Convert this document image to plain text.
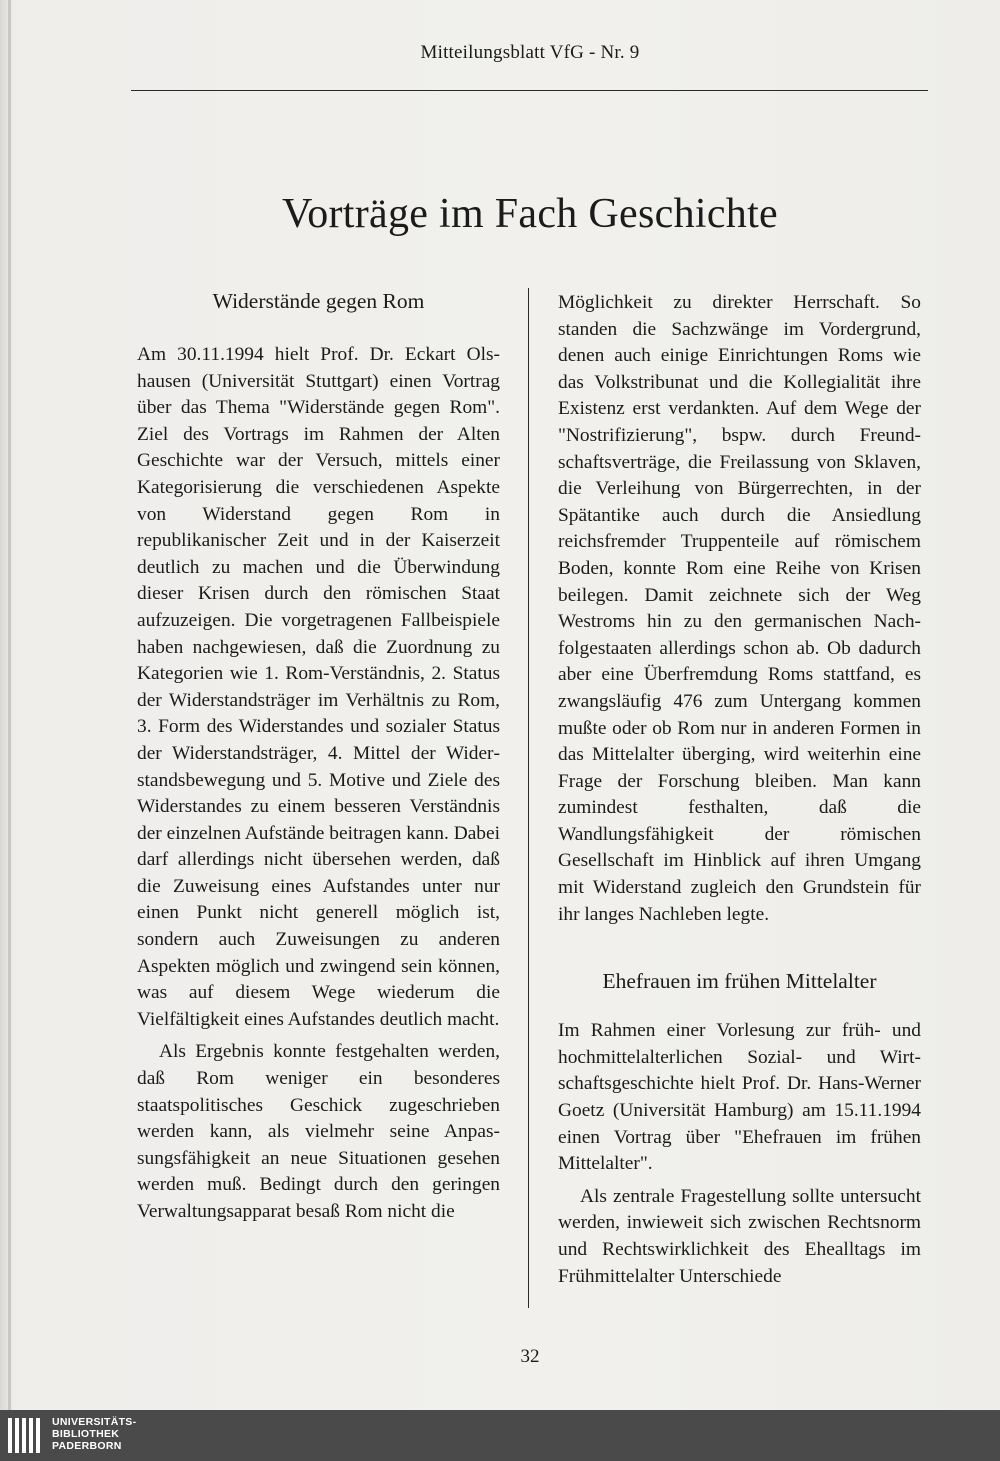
Mitteilungsblatt VfG - Nr. 9
Vorträge im Fach Geschichte
Widerstände gegen Rom

Am 30.11.1994 hielt Prof. Dr. Eckart Olshausen (Universität Stuttgart) einen Vortrag über das Thema "Widerstände gegen Rom". Ziel des Vortrags im Rahmen der Alten Geschichte war der Versuch, mittels einer Kategorisierung die verschiedenen Aspekte von Widerstand gegen Rom in republikanischer Zeit und in der Kaiserzeit deutlich zu machen und die Überwindung dieser Krisen durch den römischen Staat aufzuzeigen. Die vorgetragenen Fallbeispiele haben nachgewiesen, daß die Zuordnung zu Kategorien wie 1. Rom-Verständnis, 2. Status der Widerstandsträger im Verhältnis zu Rom, 3. Form des Widerstandes und sozialer Status der Widerstandsträger, 4. Mittel der Widerstandsbewegung und 5. Motive und Ziele des Widerstandes zu einem besseren Verständnis der einzelnen Aufstände beitragen kann. Dabei darf allerdings nicht übersehen werden, daß die Zuweisung eines Aufstandes unter nur einen Punkt nicht generell möglich ist, sondern auch Zuweisungen zu anderen Aspekten möglich und zwingend sein können, was auf diesem Wege wiederum die Vielfältigkeit eines Aufstandes deutlich macht.

Als Ergebnis konnte festgehalten werden, daß Rom weniger ein besonderes staatspolitisches Geschick zugeschrieben werden kann, als vielmehr seine Anpassungsfähigkeit an neue Situationen gesehen werden muß. Bedingt durch den geringen Verwaltungsapparat besaß Rom nicht die

Möglichkeit zu direkter Herrschaft. So standen die Sachzwänge im Vordergrund, denen auch einige Einrichtungen Roms wie das Volkstribunat und die Kollegialität ihre Existenz erst verdankten. Auf dem Wege der "Nostrifizierung", bspw. durch Freundschaftsverträge, die Freilassung von Sklaven, die Verleihung von Bürgerrechten, in der Spätantike auch durch die Ansiedlung reichsfremder Truppenteile auf römischem Boden, konnte Rom eine Reihe von Krisen beilegen. Damit zeichnete sich der Weg Westroms hin zu den germanischen Nachfolgestaaten allerdings schon ab. Ob dadurch aber eine Überfremdung Roms stattfand, es zwangsläufig 476 zum Untergang kommen mußte oder ob Rom nur in anderen Formen in das Mittelalter überging, wird weiterhin eine Frage der Forschung bleiben. Man kann zumindest festhalten, daß die Wandlungsfähigkeit der römischen Gesellschaft im Hinblick auf ihren Umgang mit Widerstand zugleich den Grundstein für ihr langes Nachleben legte.

Ehefrauen im frühen Mittelalter

Im Rahmen einer Vorlesung zur früh- und hochmittelalterlichen Sozial- und Wirtschaftsgeschichte hielt Prof. Dr. Hans-Werner Goetz (Universität Hamburg) am 15.11.1994 einen Vortrag über "Ehefrauen im frühen Mittelalter".

Als zentrale Fragestellung sollte untersucht werden, inwieweit sich zwischen Rechtsnorm und Rechtswirklichkeit des Ehealltags im Frühmittelalter Unterschiede

32
UNIVERSITÄTS-
BIBLIOTHEK
PADERBORN
